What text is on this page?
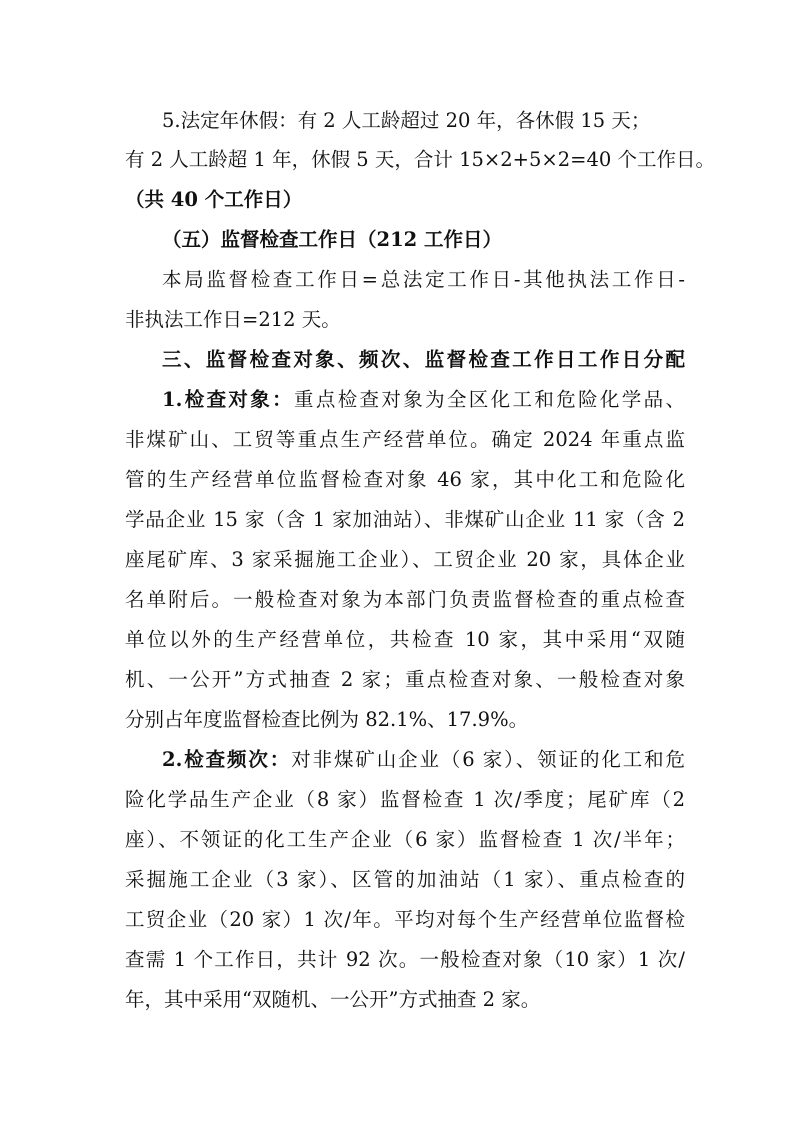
5.法定年休假：有 2 人工龄超过 20 年，各休假 15 天；
有 2 人工龄超 1 年，休假 5 天，合计 15×2+5×2=40 个工作日。
（共 40 个工作日）
（五）监督检查工作日（212 工作日）
本局监督检查工作日=总法定工作日-其他执法工作日-
非执法工作日=212 天。
三、监督检查对象、频次、监督检查工作日工作日分配
1.检查对象：重点检查对象为全区化工和危险化学品、
非煤矿山、工贸等重点生产经营单位。确定 2024 年重点监
管的生产经营单位监督检查对象 46 家，其中化工和危险化
学品企业 15 家（含 1 家加油站）、非煤矿山企业 11 家（含 2
座尾矿库、3 家采掘施工企业）、工贸企业 20 家，具体企业
名单附后。一般检查对象为本部门负责监督检查的重点检查
单位以外的生产经营单位，共检查 10 家，其中采用“双随
机、一公开”方式抽查 2 家；重点检查对象、一般检查对象
分别占年度监督检查比例为 82.1%、17.9%。
2.检查频次：对非煤矿山企业（6 家）、领证的化工和危
险化学品生产企业（8 家）监督检查 1 次/季度；尾矿库（2
座）、不领证的化工生产企业（6 家）监督检查 1 次/半年；
采掘施工企业（3 家）、区管的加油站（1 家）、重点检查的
工贸企业（20 家）1 次/年。平均对每个生产经营单位监督检
查需 1 个工作日，共计 92 次。一般检查对象（10 家）1 次/
年，其中采用“双随机、一公开”方式抽查 2 家。
